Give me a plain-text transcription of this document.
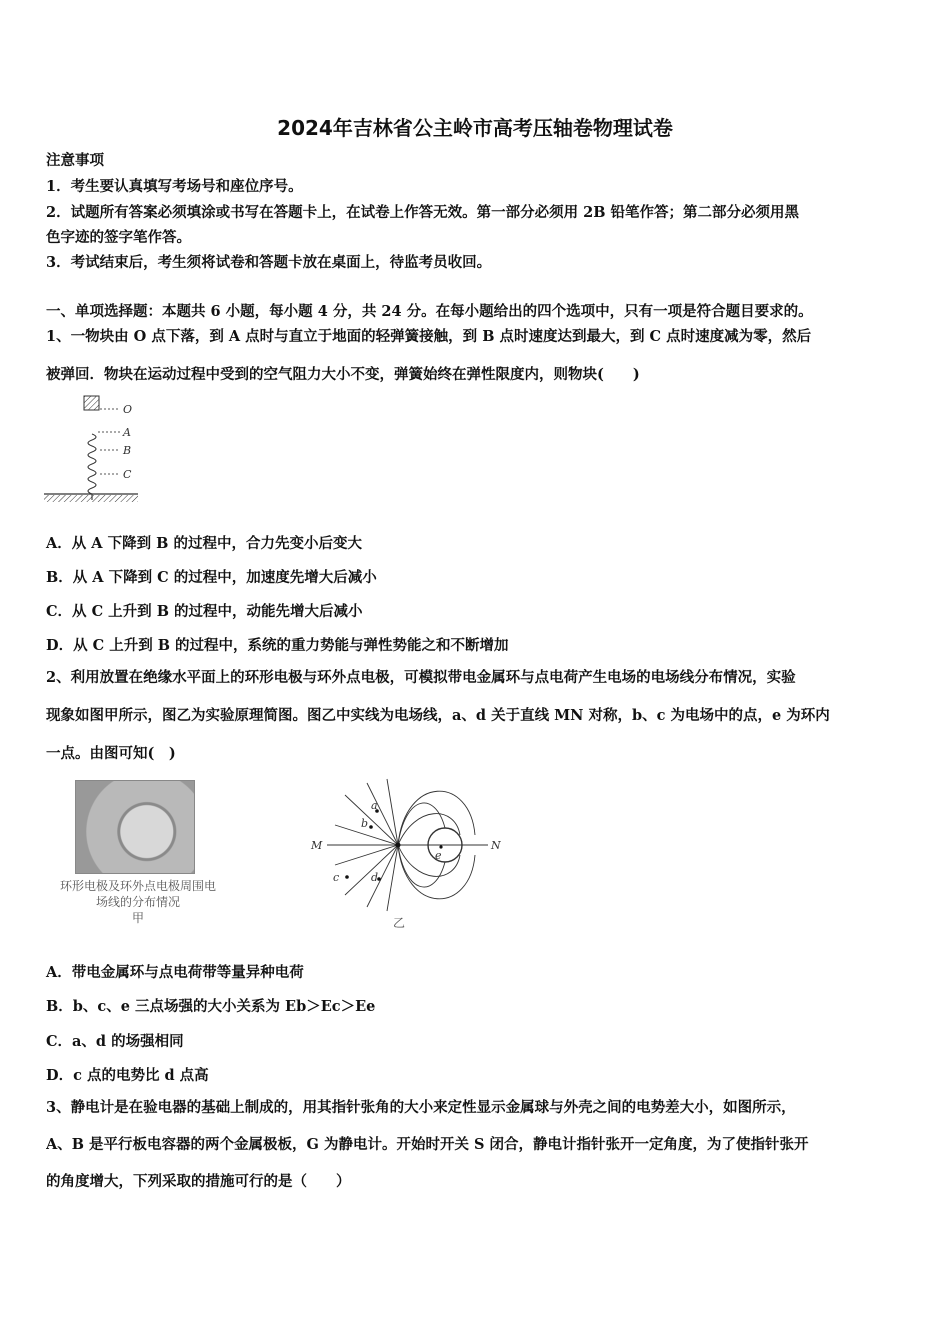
2024年吉林省公主岭市高考压轴卷物理试卷
注意事项
1．考生要认真填写考场号和座位序号。
2．试题所有答案必须填涂或书写在答题卡上，在试卷上作答无效。第一部分必须用 2B 铅笔作答；第二部分必须用黑
色字迹的签字笔作答。
3．考试结束后，考生须将试卷和答题卡放在桌面上，待监考员收回。
一、单项选择题：本题共 6 小题，每小题 4 分，共 24 分。在每小题给出的四个选项中，只有一项是符合题目要求的。
1、一物块由 O 点下落，到 A 点时与直立于地面的轻弹簧接触，到 B 点时速度达到最大，到 C 点时速度减为零，然后
被弹回．物块在运动过程中受到的空气阻力大小不变，弹簧始终在弹性限度内，则物块(　　)
O
A
B
C
A．从 A 下降到 B 的过程中，合力先变小后变大
B．从 A 下降到 C 的过程中，加速度先增大后减小
C．从 C 上升到 B 的过程中，动能先增大后减小
D．从 C 上升到 B 的过程中，系统的重力势能与弹性势能之和不断增加
2、利用放置在绝缘水平面上的环形电极与环外点电极，可模拟带电金属环与点电荷产生电场的电场线分布情况，实验
现象如图甲所示，图乙为实验原理简图。图乙中实线为电场线，a、d 关于直线 MN 对称，b、c 为电场中的点，e 为环内
一点。由图可知(　)
环形电极及环外点电极周围电场线的分布情况
甲
M	N
a
b
c	d
e
乙
A．带电金属环与点电荷带等量异种电荷
B．b、c、e 三点场强的大小关系为 Eb＞Ec＞Ee
C．a、d 的场强相同
D．c 点的电势比 d 点高
3、静电计是在验电器的基础上制成的，用其指针张角的大小来定性显示金属球与外壳之间的电势差大小，如图所示，
A、B 是平行板电容器的两个金属极板，G 为静电计。开始时开关 S 闭合，静电计指针张开一定角度，为了使指针张开
的角度增大，下列采取的措施可行的是（　　）
